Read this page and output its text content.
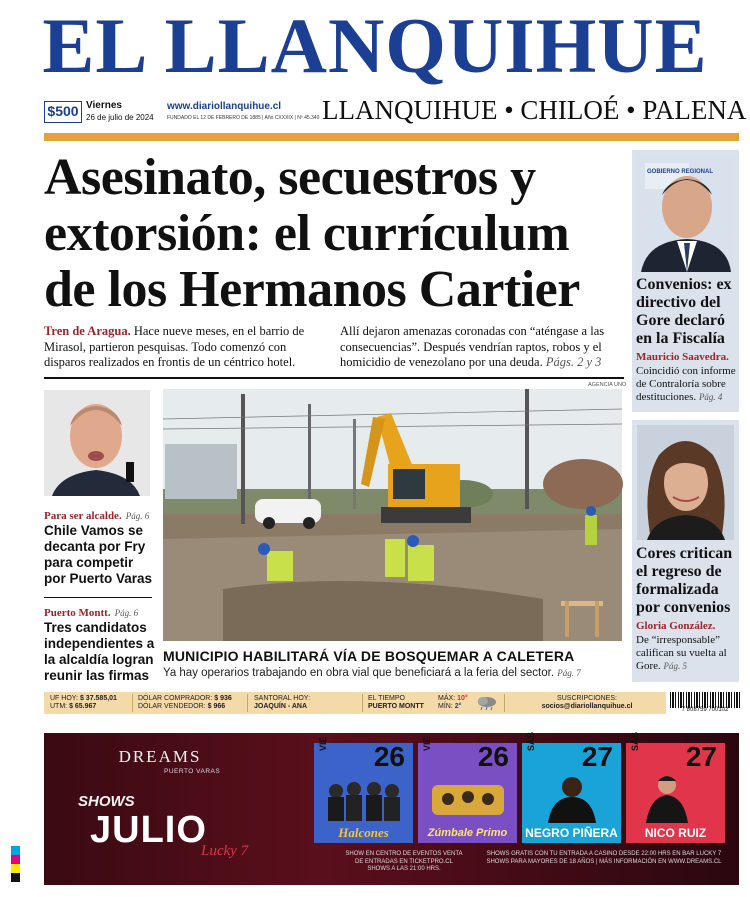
EL LLANQUIHUE
$500 Viernes
26 de julio de 2024
www.diariollanquihue.cl
FUNDADO EL 12 DE FEBRERO DE 1885 | Año CXXXIX | Nº 45.340 LLANQUIHUE • CHILOÉ • PALENA
Asesinato, secuestros y extorsión: el currículum de los Hermanos Cartier

Tren de Aragua. Hace nueve meses, en el barrio de Mirasol, partieron pesquisas. Todo comenzó con disparos realizados en frontis de un céntrico hotel.

Allí dejaron amenazas coronadas con “aténgase a las consecuencias”. Después vendrían raptos, robos y el homicidio de venezolano por una deuda. Págs. 2 y 3

GOBIERNO REGIONAL
Convenios: ex directivo del Gore declaró en la Fiscalía
Mauricio Saavedra.
Coincidió con informe de Contraloría sobre destituciones. Pág. 4
Cores critican el regreso de formalizada por convenios
Gloria González.
De “irresponsable” califican su vuelta al Gore. Pág. 5
Para ser alcalde. Pág. 6
Chile Vamos se decanta por Fry para competir por Puerto Varas
Puerto Montt. Pág. 6
Tres candidatos independientes a la alcaldía logran reunir las firmas
AGENCIA UNO
MUNICIPIO HABILITARÁ VÍA DE BOSQUEMAR A CALETERA
Ya hay operarios trabajando en obra vial que beneficiará a la feria del sector. Pág. 7
UF HOY: $ 37.585,01
UTM: $ 65.967
DÓLAR COMPRADOR: $ 936
DÓLAR VENDEDOR: $ 966
SANTORAL HOY:
JOAQUÍN - ANA
EL TIEMPO
PUERTO MONTT
MÁX: 10°
MÍN: 2°
SUSCRIPCIONES:
socios@diariollanquihue.cl	7 808759 700102
DREAMS
PUERTO VARAS
SHOWS
JULIO
Lucky 7
VIE 26
Halcones
VIE 26
Zúmbale Primo
SÁB 27
NEGRO PIÑERA
SÁB 27
NICO RUIZ
SHOW EN CENTRO DE EVENTOS VENTA DE ENTRADAS EN TICKETPRO.CL SHOWS A LAS 21:00 HRS.
SHOWS GRATIS CON TU ENTRADA A CASINO DESDE 22:00 HRS EN BAR LUCKY 7 SHOWS PARA MAYORES DE 18 AÑOS | MÁS INFORMACIÓN EN WWW.DREAMS.CL
